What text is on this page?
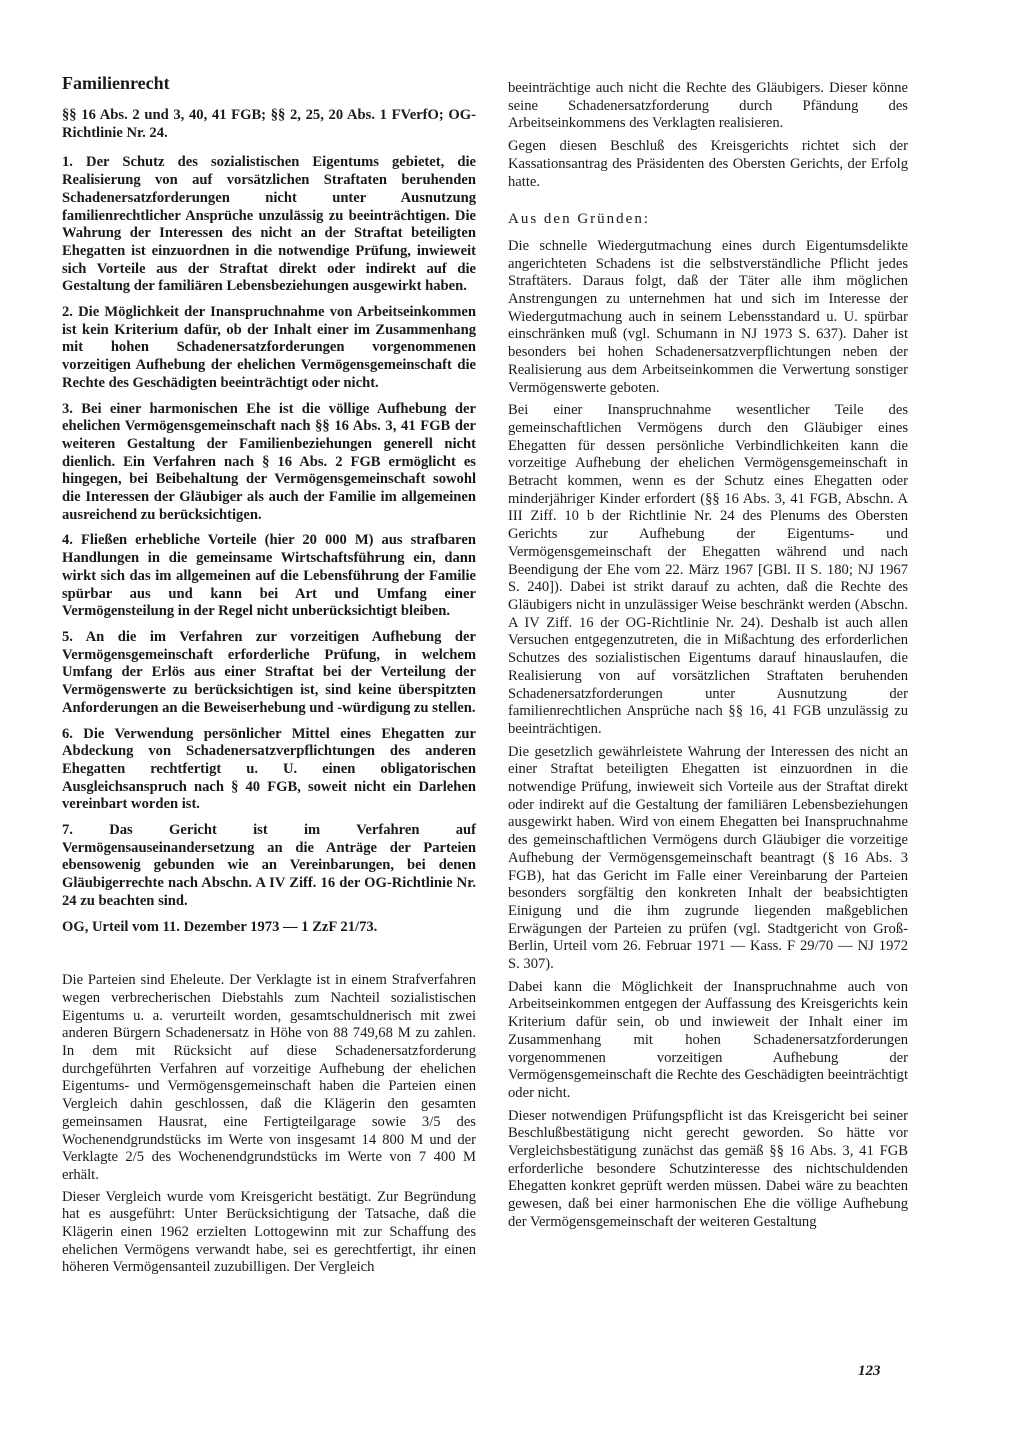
Familienrecht

§§ 16 Abs. 2 und 3, 40, 41 FGB; §§ 2, 25, 20 Abs. 1 FVerfO; OG-Richtlinie Nr. 24.

1. Der Schutz des sozialistischen Eigentums gebietet, die Realisierung von auf vorsätzlichen Straftaten beruhenden Schadenersatzforderungen nicht unter Ausnutzung familienrechtlicher Ansprüche unzulässig zu beeinträchtigen. Die Wahrung der Interessen des nicht an der Straftat beteiligten Ehegatten ist einzuordnen in die notwendige Prüfung, inwieweit sich Vorteile aus der Straftat direkt oder indirekt auf die Gestaltung der familiären Lebensbeziehungen ausgewirkt haben.

2. Die Möglichkeit der Inanspruchnahme von Arbeitseinkommen ist kein Kriterium dafür, ob der Inhalt einer im Zusammenhang mit hohen Schadenersatzforderungen vorgenommenen vorzeitigen Aufhebung der ehelichen Vermögensgemeinschaft die Rechte des Geschädigten beeinträchtigt oder nicht.

3. Bei einer harmonischen Ehe ist die völlige Aufhebung der ehelichen Vermögensgemeinschaft nach §§ 16 Abs. 3, 41 FGB der weiteren Gestaltung der Familienbeziehungen generell nicht dienlich. Ein Verfahren nach § 16 Abs. 2 FGB ermöglicht es hingegen, bei Beibehaltung der Vermögensgemeinschaft sowohl die Interessen der Gläubiger als auch der Familie im allgemeinen ausreichend zu berücksichtigen.

4. Fließen erhebliche Vorteile (hier 20 000 M) aus strafbaren Handlungen in die gemeinsame Wirtschaftsführung ein, dann wirkt sich das im allgemeinen auf die Lebensführung der Familie spürbar aus und kann bei Art und Umfang einer Vermögensteilung in der Regel nicht unberücksichtigt bleiben.

5. An die im Verfahren zur vorzeitigen Aufhebung der Vermögensgemeinschaft erforderliche Prüfung, in welchem Umfang der Erlös aus einer Straftat bei der Verteilung der Vermögenswerte zu berücksichtigen ist, sind keine überspitzten Anforderungen an die Beweiserhebung und -würdigung zu stellen.

6. Die Verwendung persönlicher Mittel eines Ehegatten zur Abdeckung von Schadenersatzverpflichtungen des anderen Ehegatten rechtfertigt u. U. einen obligatorischen Ausgleichsanspruch nach § 40 FGB, soweit nicht ein Darlehen vereinbart worden ist.

7. Das Gericht ist im Verfahren auf Vermögensauseinandersetzung an die Anträge der Parteien ebensowenig gebunden wie an Vereinbarungen, bei denen Gläubigerrechte nach Abschn. A IV Ziff. 16 der OG-Richtlinie Nr. 24 zu beachten sind.

OG, Urteil vom 11. Dezember 1973 — 1 ZzF 21/73.

Die Parteien sind Eheleute. Der Verklagte ist in einem Strafverfahren wegen verbrecherischen Diebstahls zum Nachteil sozialistischen Eigentums u. a. verurteilt worden, gesamtschuldnerisch mit zwei anderen Bürgern Schadenersatz in Höhe von 88 749,68 M zu zahlen. In dem mit Rücksicht auf diese Schadenersatzforderung durchgeführten Verfahren auf vorzeitige Aufhebung der ehelichen Eigentums- und Vermögensgemeinschaft haben die Parteien einen Vergleich dahin geschlossen, daß die Klägerin den gesamten gemeinsamen Hausrat, eine Fertigteilgarage sowie 3/5 des Wochenendgrundstücks im Werte von insgesamt 14 800 M und der Verklagte 2/5 des Wochenendgrundstücks im Werte von 7 400 M erhält.

Dieser Vergleich wurde vom Kreisgericht bestätigt. Zur Begründung hat es ausgeführt: Unter Berücksichtigung der Tatsache, daß die Klägerin einen 1962 erzielten Lottogewinn mit zur Schaffung des ehelichen Vermögens verwandt habe, sei es gerechtfertigt, ihr einen höheren Vermögensanteil zuzubilligen. Der Vergleich

beeinträchtige auch nicht die Rechte des Gläubigers. Dieser könne seine Schadenersatzforderung durch Pfändung des Arbeitseinkommens des Verklagten realisieren.

Gegen diesen Beschluß des Kreisgerichts richtet sich der Kassationsantrag des Präsidenten des Obersten Gerichts, der Erfolg hatte.

Aus den Gründen:

Die schnelle Wiedergutmachung eines durch Eigentumsdelikte angerichteten Schadens ist die selbstverständliche Pflicht jedes Straftäters. Daraus folgt, daß der Täter alle ihm möglichen Anstrengungen zu unternehmen hat und sich im Interesse der Wiedergutmachung auch in seinem Lebensstandard u. U. spürbar einschränken muß (vgl. Schumann in NJ 1973 S. 637). Daher ist besonders bei hohen Schadenersatzverpflichtungen neben der Realisierung aus dem Arbeitseinkommen die Verwertung sonstiger Vermögenswerte geboten.

Bei einer Inanspruchnahme wesentlicher Teile des gemeinschaftlichen Vermögens durch den Gläubiger eines Ehegatten für dessen persönliche Verbindlichkeiten kann die vorzeitige Aufhebung der ehelichen Vermögensgemeinschaft in Betracht kommen, wenn es der Schutz eines Ehegatten oder minderjähriger Kinder erfordert (§§ 16 Abs. 3, 41 FGB, Abschn. A III Ziff. 10 b der Richtlinie Nr. 24 des Plenums des Obersten Gerichts zur Aufhebung der Eigentums- und Vermögensgemeinschaft der Ehegatten während und nach Beendigung der Ehe vom 22. März 1967 [GBl. II S. 180; NJ 1967 S. 240]). Dabei ist strikt darauf zu achten, daß die Rechte des Gläubigers nicht in unzulässiger Weise beschränkt werden (Abschn. A IV Ziff. 16 der OG-Richtlinie Nr. 24). Deshalb ist auch allen Versuchen entgegenzutreten, die in Mißachtung des erforderlichen Schutzes des sozialistischen Eigentums darauf hinauslaufen, die Realisierung von auf vorsätzlichen Straftaten beruhenden Schadenersatzforderungen unter Ausnutzung der familienrechtlichen Ansprüche nach §§ 16, 41 FGB unzulässig zu beeinträchtigen.

Die gesetzlich gewährleistete Wahrung der Interessen des nicht an einer Straftat beteiligten Ehegatten ist einzuordnen in die notwendige Prüfung, inwieweit sich Vorteile aus der Straftat direkt oder indirekt auf die Gestaltung der familiären Lebensbeziehungen ausgewirkt haben. Wird von einem Ehegatten bei Inanspruchnahme des gemeinschaftlichen Vermögens durch Gläubiger die vorzeitige Aufhebung der Vermögensgemeinschaft beantragt (§ 16 Abs. 3 FGB), hat das Gericht im Falle einer Vereinbarung der Parteien besonders sorgfältig den konkreten Inhalt der beabsichtigten Einigung und die ihm zugrunde liegenden maßgeblichen Erwägungen der Parteien zu prüfen (vgl. Stadtgericht von Groß-Berlin, Urteil vom 26. Februar 1971 — Kass. F 29/70 — NJ 1972 S. 307).

Dabei kann die Möglichkeit der Inanspruchnahme auch von Arbeitseinkommen entgegen der Auffassung des Kreisgerichts kein Kriterium dafür sein, ob und inwieweit der Inhalt einer im Zusammenhang mit hohen Schadenersatzforderungen vorgenommenen vorzeitigen Aufhebung der Vermögensgemeinschaft die Rechte des Geschädigten beeinträchtigt oder nicht.

Dieser notwendigen Prüfungspflicht ist das Kreisgericht bei seiner Beschlußbestätigung nicht gerecht geworden. So hätte vor Vergleichsbestätigung zunächst das gemäß §§ 16 Abs. 3, 41 FGB erforderliche besondere Schutzinteresse des nichtschuldenden Ehegatten konkret geprüft werden müssen. Dabei wäre zu beachten gewesen, daß bei einer harmonischen Ehe die völlige Aufhebung der Vermögensgemeinschaft der weiteren Gestaltung

123
